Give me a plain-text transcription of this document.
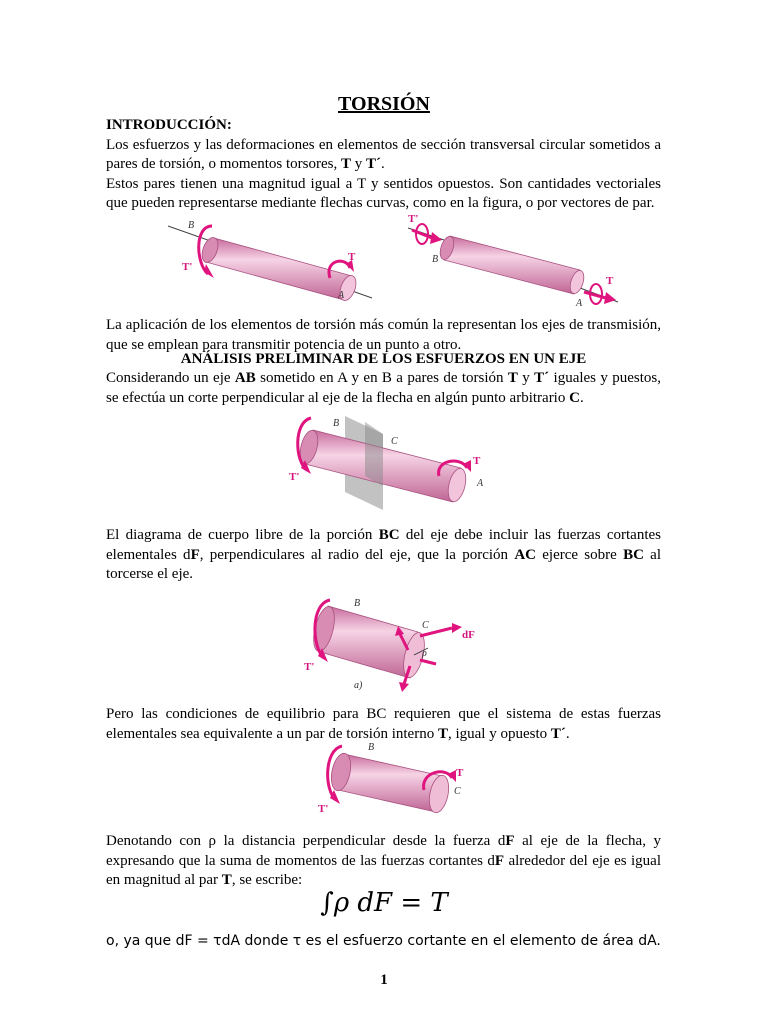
TORSIÓN
INTRODUCCIÓN:
Los esfuerzos y las deformaciones en elementos de sección transversal circular sometidos a pares de torsión, o momentos torsores, T y T´.
Estos pares tienen una magnitud igual a T y sentidos opuestos. Son cantidades vectoriales que pueden representarse mediante flechas curvas, como en la figura, o por vectores de par.
B
T'
T
A
T'
B
T
A
La aplicación de los elementos de torsión más común la representan los ejes de transmisión, que se emplean para transmitir potencia de un punto a otro.
ANÁLISIS PRELIMINAR DE LOS ESFUERZOS EN UN EJE
Considerando un eje AB sometido en A y en B a pares de torsión T y T´ iguales y puestos, se efectúa un corte perpendicular al eje de la flecha en algún punto arbitrario C.
B
C
T'
T
A
El diagrama de cuerpo libre de la porción BC del eje debe incluir las fuerzas cortantes elementales dF, perpendiculares al radio del eje, que la porción AC ejerce sobre BC al torcerse el eje.
B
C
dF
ρ
T'
a)
Pero las condiciones de equilibrio para BC requieren que el sistema de estas fuerzas elementales sea equivalente a un par de torsión interno T, igual y opuesto T´.
B
T
C
T'
Denotando con ρ la distancia perpendicular desde la fuerza dF al eje de la flecha, y expresando que la suma de momentos de las fuerzas cortantes dF alrededor del eje es igual en magnitud al par T, se escribe:
∫ρ dF = T
o, ya que dF = τdA donde τ es el esfuerzo cortante en el elemento de área dA.
1
